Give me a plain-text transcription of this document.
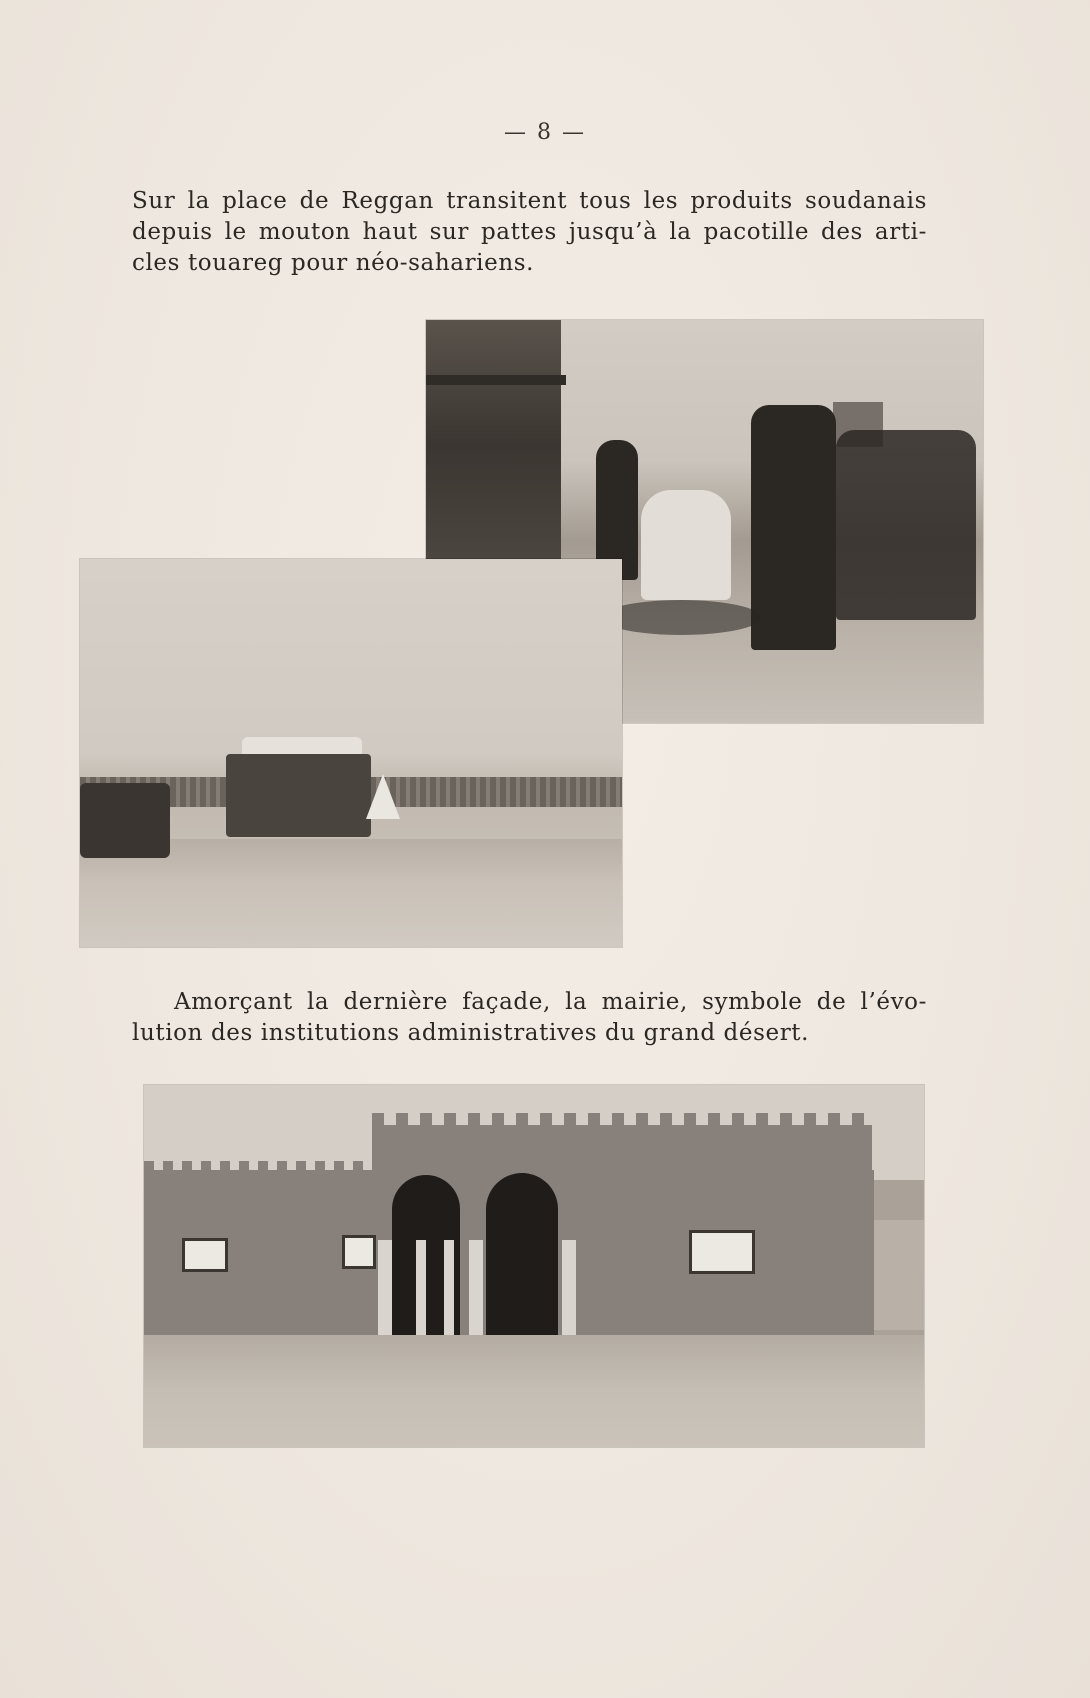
— 8 —
Sur la place de Reggan transitent tous les produits soudanais
depuis le mouton haut sur pattes jusqu’à la pacotille des arti-
cles touareg pour néo-sahariens.
Amorçant la dernière façade, la mairie, symbole de l’évo-
lution des institutions administratives du grand désert.
